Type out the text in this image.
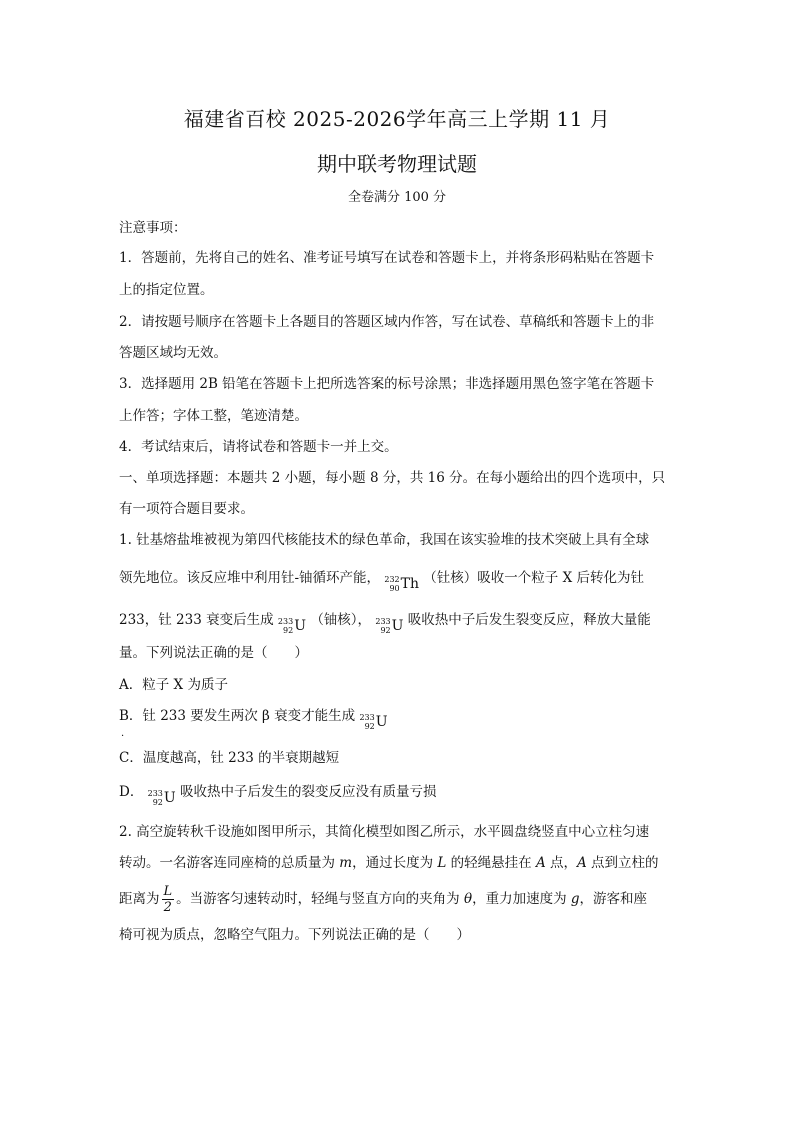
福建省百校 2025-2026学年高三上学期 11 月
期中联考物理试题
全卷满分 100 分
注意事项：
1．答题前，先将自己的姓名、准考证号填写在试卷和答题卡上，并将条形码粘贴在答题卡
上的指定位置。
2．请按题号顺序在答题卡上各题目的答题区域内作答，写在试卷、草稿纸和答题卡上的非
答题区域均无效。
3．选择题用 2B 铅笔在答题卡上把所选答案的标号涂黑；非选择题用黑色签字笔在答题卡
上作答；字体工整，笔迹清楚。
4．考试结束后，请将试卷和答题卡一并上交。
一、单项选择题：本题共 2 小题，每小题 8 分，共 16 分。在每小题给出的四个选项中，只
有一项符合题目要求。
1. 钍基熔盐堆被视为第四代核能技术的绿色革命，我国在该实验堆的技术突破上具有全球
领先地位。该反应堆中利用钍-铀循环产能， 232
90 Th （钍核）吸收一个粒子 X 后转化为钍
233，钍 233 衰变后生成 233
92 U （铀核）， 233
92 U 吸收热中子后发生裂变反应，释放大量能
量。下列说法正确的是（　　）
A．粒子 X 为质子
B．钍 233 要发生两次 β 衰变才能生成 233
92 U
·
C．温度越高，钍 233 的半衰期越短
D． 233
92 U 吸收热中子后发生的裂变反应没有质量亏损
2. 高空旋转秋千设施如图甲所示，其简化模型如图乙所示，水平圆盘绕竖直中心立柱匀速
转动。一名游客连同座椅的总质量为 m，通过长度为 L 的轻绳悬挂在 A 点，A 点到立柱的
距离为 $\frac{L}{2}$ 。当游客匀速转动时，轻绳与竖直方向的夹角为 θ，重力加速度为 g，游客和座
椅可视为质点，忽略空气阻力。下列说法正确的是（　　）
